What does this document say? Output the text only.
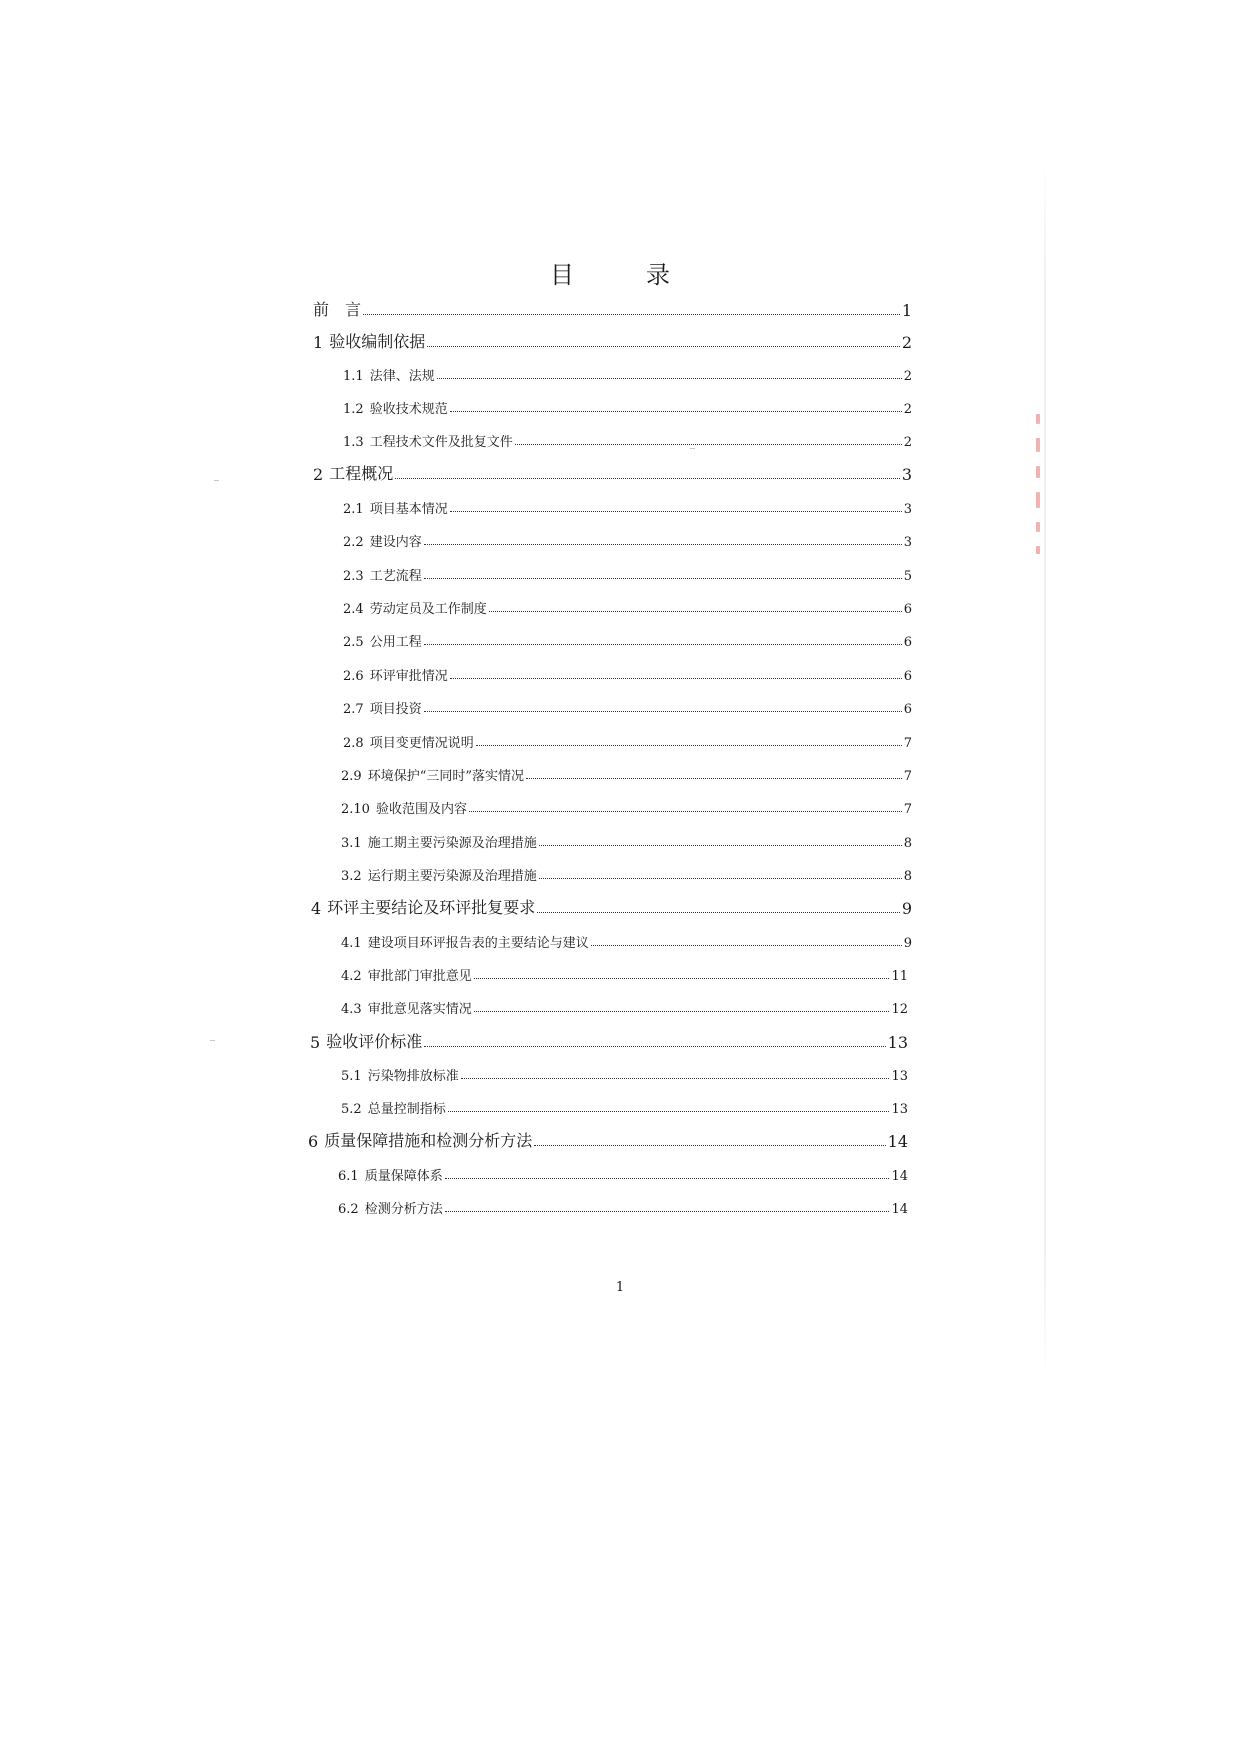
目　录
前　言	1
1 验收编制依据	2
1.1 法律、法规	2
1.2 验收技术规范	2
1.3 工程技术文件及批复文件	2
2 工程概况	3
2.1 项目基本情况	3
2.2 建设内容	3
2.3 工艺流程	5
2.4 劳动定员及工作制度	6
2.5 公用工程	6
2.6 环评审批情况	6
2.7 项目投资	6
2.8 项目变更情况说明	7
2.9 环境保护“三同时”落实情况	7
2.10 验收范围及内容	7
3.1 施工期主要污染源及治理措施	8
3.2 运行期主要污染源及治理措施	8
4 环评主要结论及环评批复要求	9
4.1 建设项目环评报告表的主要结论与建议	9
4.2 审批部门审批意见	11
4.3 审批意见落实情况	12
5 验收评价标准	13
5.1 污染物排放标准	13
5.2 总量控制指标	13
6 质量保障措施和检测分析方法	14
6.1 质量保障体系	14
6.2 检测分析方法	14
1
